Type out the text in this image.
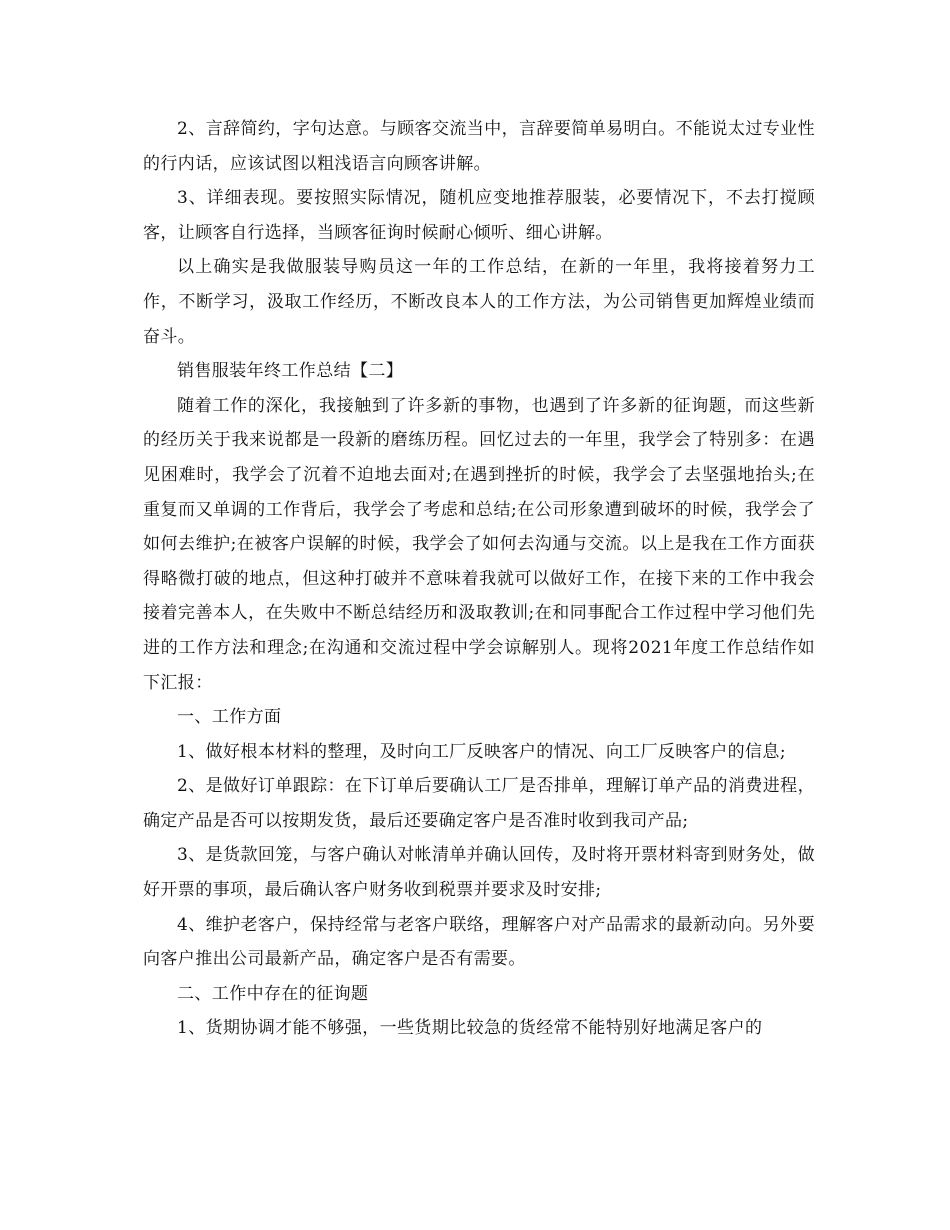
2、言辞简约，字句达意。与顾客交流当中，言辞要简单易明白。不能说太过专业性的行内话，应该试图以粗浅语言向顾客讲解。

3、详细表现。要按照实际情况，随机应变地推荐服装，必要情况下，不去打搅顾客，让顾客自行选择，当顾客征询时候耐心倾听、细心讲解。

以上确实是我做服装导购员这一年的工作总结，在新的一年里，我将接着努力工作，不断学习，汲取工作经历，不断改良本人的工作方法，为公司销售更加辉煌业绩而奋斗。

销售服装年终工作总结【二】

随着工作的深化，我接触到了许多新的事物，也遇到了许多新的征询题，而这些新的经历关于我来说都是一段新的磨练历程。回忆过去的一年里，我学会了特别多：在遇见困难时，我学会了沉着不迫地去面对;在遇到挫折的时候，我学会了去坚强地抬头;在重复而又单调的工作背后，我学会了考虑和总结;在公司形象遭到破坏的时候，我学会了如何去维护;在被客户误解的时候，我学会了如何去沟通与交流。以上是我在工作方面获得略微打破的地点，但这种打破并不意味着我就可以做好工作，在接下来的工作中我会接着完善本人，在失败中不断总结经历和汲取教训;在和同事配合工作过程中学习他们先进的工作方法和理念;在沟通和交流过程中学会谅解别人。现将2021年度工作总结作如下汇报：

一、工作方面

1、做好根本材料的整理，及时向工厂反映客户的情况、向工厂反映客户的信息;

2、是做好订单跟踪：在下订单后要确认工厂是否排单，理解订单产品的消费进程，确定产品是否可以按期发货，最后还要确定客户是否准时收到我司产品;

3、是货款回笼，与客户确认对帐清单并确认回传，及时将开票材料寄到财务处，做好开票的事项，最后确认客户财务收到税票并要求及时安排;

4、维护老客户，保持经常与老客户联络，理解客户对产品需求的最新动向。另外要向客户推出公司最新产品，确定客户是否有需要。

二、工作中存在的征询题

1、货期协调才能不够强，一些货期比较急的货经常不能特别好地满足客户的
